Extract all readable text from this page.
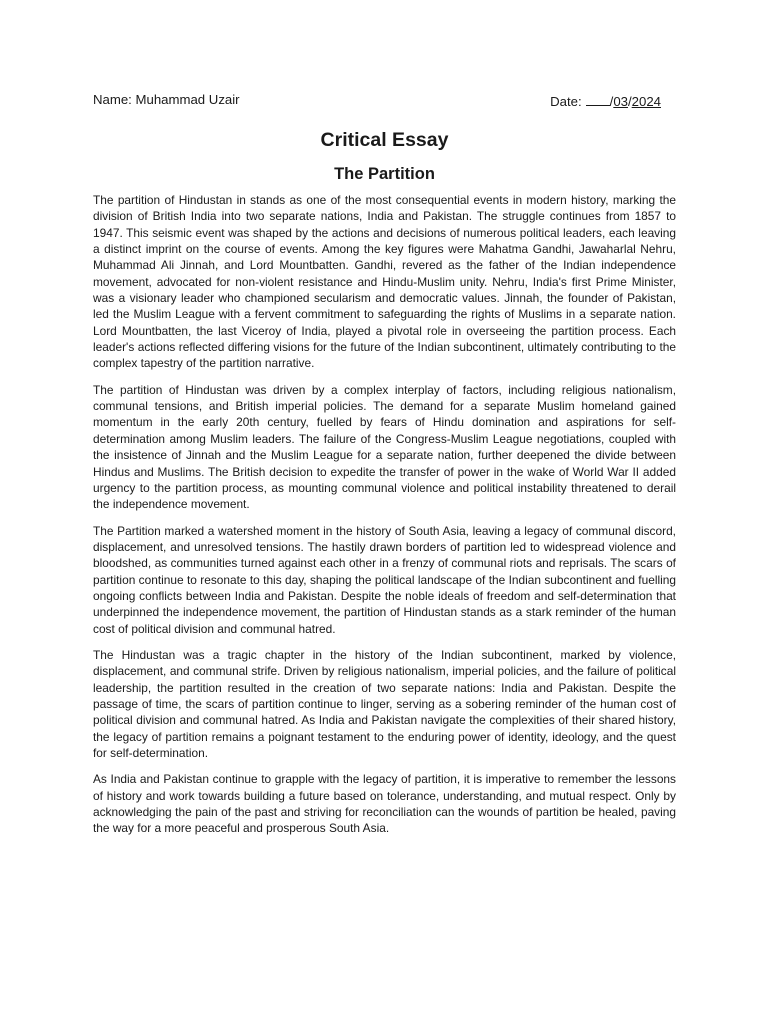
Name: Muhammad Uzair	Date: /03/2024
Critical Essay
The Partition

The partition of Hindustan in stands as one of the most consequential events in modern history, marking the division of British India into two separate nations, India and Pakistan. The struggle continues from 1857 to 1947. This seismic event was shaped by the actions and decisions of numerous political leaders, each leaving a distinct imprint on the course of events. Among the key figures were Mahatma Gandhi, Jawaharlal Nehru, Muhammad Ali Jinnah, and Lord Mountbatten. Gandhi, revered as the father of the Indian independence movement, advocated for non-violent resistance and Hindu-Muslim unity. Nehru, India's first Prime Minister, was a visionary leader who championed secularism and democratic values. Jinnah, the founder of Pakistan, led the Muslim League with a fervent commitment to safeguarding the rights of Muslims in a separate nation. Lord Mountbatten, the last Viceroy of India, played a pivotal role in overseeing the partition process. Each leader's actions reflected differing visions for the future of the Indian subcontinent, ultimately contributing to the complex tapestry of the partition narrative.

The partition of Hindustan was driven by a complex interplay of factors, including religious nationalism, communal tensions, and British imperial policies. The demand for a separate Muslim homeland gained momentum in the early 20th century, fuelled by fears of Hindu domination and aspirations for self-determination among Muslim leaders. The failure of the Congress-Muslim League negotiations, coupled with the insistence of Jinnah and the Muslim League for a separate nation, further deepened the divide between Hindus and Muslims. The British decision to expedite the transfer of power in the wake of World War II added urgency to the partition process, as mounting communal violence and political instability threatened to derail the independence movement.

The Partition marked a watershed moment in the history of South Asia, leaving a legacy of communal discord, displacement, and unresolved tensions. The hastily drawn borders of partition led to widespread violence and bloodshed, as communities turned against each other in a frenzy of communal riots and reprisals. The scars of partition continue to resonate to this day, shaping the political landscape of the Indian subcontinent and fuelling ongoing conflicts between India and Pakistan. Despite the noble ideals of freedom and self-determination that underpinned the independence movement, the partition of Hindustan stands as a stark reminder of the human cost of political division and communal hatred.

The Hindustan was a tragic chapter in the history of the Indian subcontinent, marked by violence, displacement, and communal strife. Driven by religious nationalism, imperial policies, and the failure of political leadership, the partition resulted in the creation of two separate nations: India and Pakistan. Despite the passage of time, the scars of partition continue to linger, serving as a sobering reminder of the human cost of political division and communal hatred. As India and Pakistan navigate the complexities of their shared history, the legacy of partition remains a poignant testament to the enduring power of identity, ideology, and the quest for self-determination.

As India and Pakistan continue to grapple with the legacy of partition, it is imperative to remember the lessons of history and work towards building a future based on tolerance, understanding, and mutual respect. Only by acknowledging the pain of the past and striving for reconciliation can the wounds of partition be healed, paving the way for a more peaceful and prosperous South Asia.
